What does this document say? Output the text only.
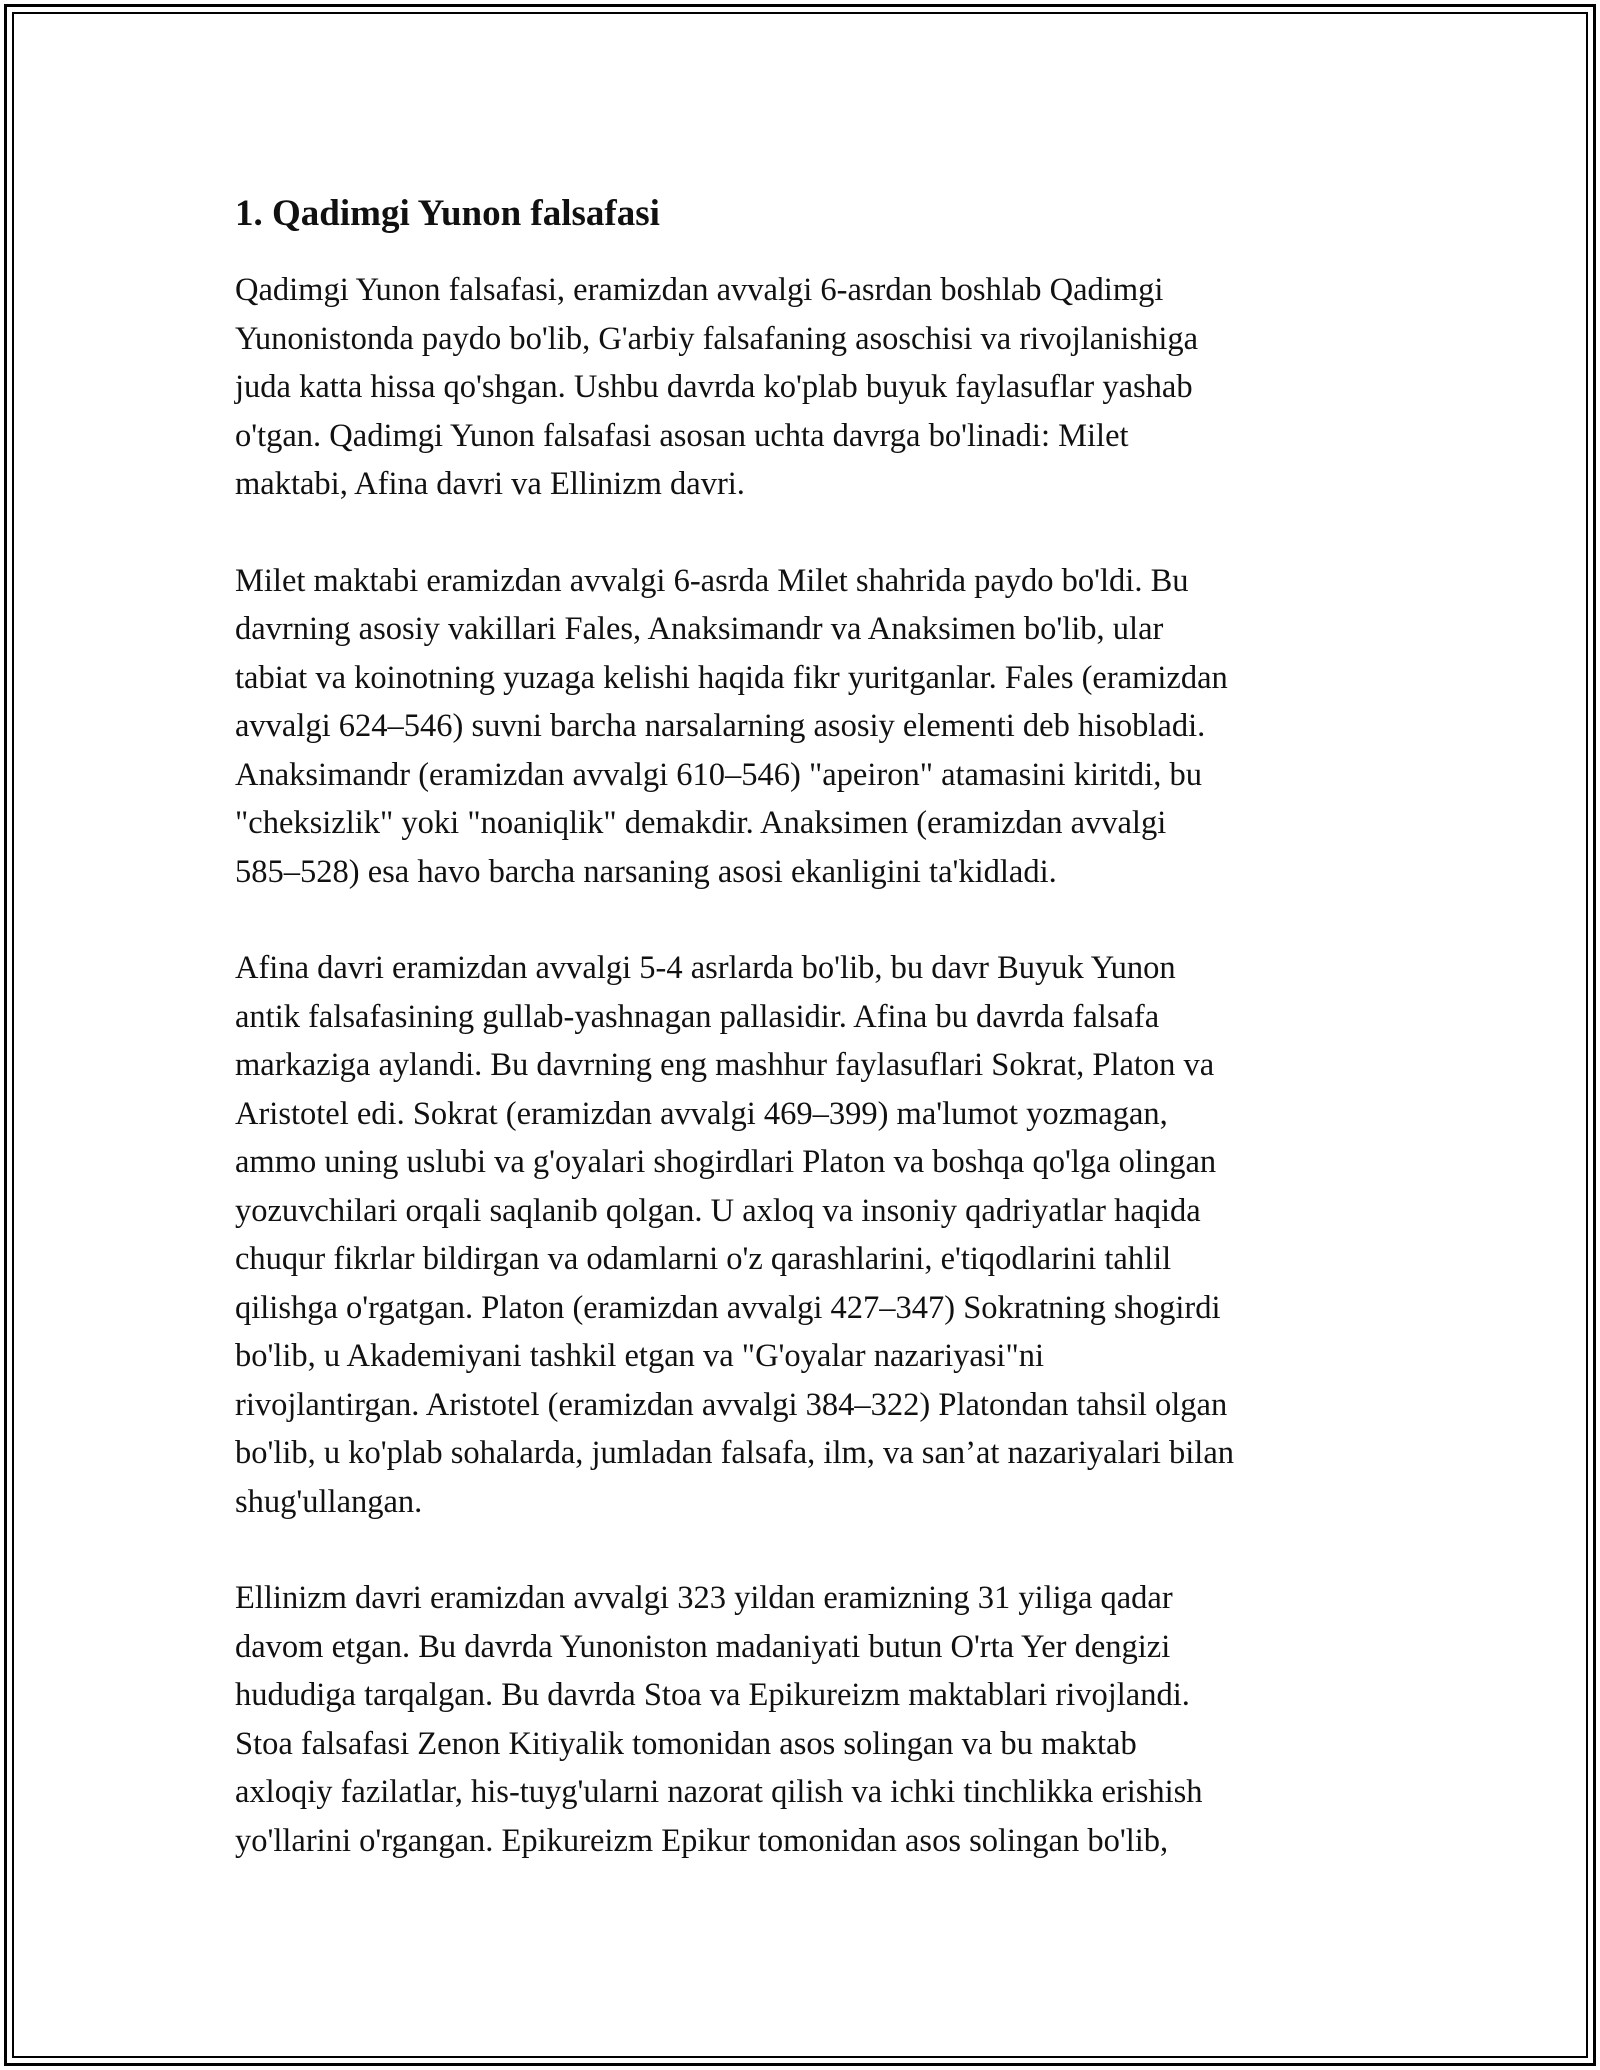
1. Qadimgi Yunon falsafasi

Qadimgi Yunon falsafasi, eramizdan avvalgi 6-asrdan boshlab Qadimgi
Yunonistonda paydo bo'lib, G'arbiy falsafaning asoschisi va rivojlanishiga
juda katta hissa qo'shgan. Ushbu davrda ko'plab buyuk faylasuflar yashab
o'tgan. Qadimgi Yunon falsafasi asosan uchta davrga bo'linadi: Milet
maktabi, Afina davri va Ellinizm davri.

Milet maktabi eramizdan avvalgi 6-asrda Milet shahrida paydo bo'ldi. Bu
davrning asosiy vakillari Fales, Anaksimandr va Anaksimen bo'lib, ular
tabiat va koinotning yuzaga kelishi haqida fikr yuritganlar. Fales (eramizdan
avvalgi 624–546) suvni barcha narsalarning asosiy elementi deb hisobladi.
Anaksimandr (eramizdan avvalgi 610–546) "apeiron" atamasini kiritdi, bu
"cheksizlik" yoki "noaniqlik" demakdir. Anaksimen (eramizdan avvalgi
585–528) esa havo barcha narsaning asosi ekanligini ta'kidladi.

Afina davri eramizdan avvalgi 5-4 asrlarda bo'lib, bu davr Buyuk Yunon
antik falsafasining gullab-yashnagan pallasidir. Afina bu davrda falsafa
markaziga aylandi. Bu davrning eng mashhur faylasuflari Sokrat, Platon va
Aristotel edi. Sokrat (eramizdan avvalgi 469–399) ma'lumot yozmagan,
ammo uning uslubi va g'oyalari shogirdlari Platon va boshqa qo'lga olingan
yozuvchilari orqali saqlanib qolgan. U axloq va insoniy qadriyatlar haqida
chuqur fikrlar bildirgan va odamlarni o'z qarashlarini, e'tiqodlarini tahlil
qilishga o'rgatgan. Platon (eramizdan avvalgi 427–347) Sokratning shogirdi
bo'lib, u Akademiyani tashkil etgan va "G'oyalar nazariyasi"ni
rivojlantirgan. Aristotel (eramizdan avvalgi 384–322) Platondan tahsil olgan
bo'lib, u ko'plab sohalarda, jumladan falsafa, ilm, va san’at nazariyalari bilan
shug'ullangan.

Ellinizm davri eramizdan avvalgi 323 yildan eramizning 31 yiliga qadar
davom etgan. Bu davrda Yunoniston madaniyati butun O'rta Yer dengizi
hududiga tarqalgan. Bu davrda Stoa va Epikureizm maktablari rivojlandi.
Stoa falsafasi Zenon Kitiyalik tomonidan asos solingan va bu maktab
axloqiy fazilatlar, his-tuyg'ularni nazorat qilish va ichki tinchlikka erishish
yo'llarini o'rgangan. Epikureizm Epikur tomonidan asos solingan bo'lib,
